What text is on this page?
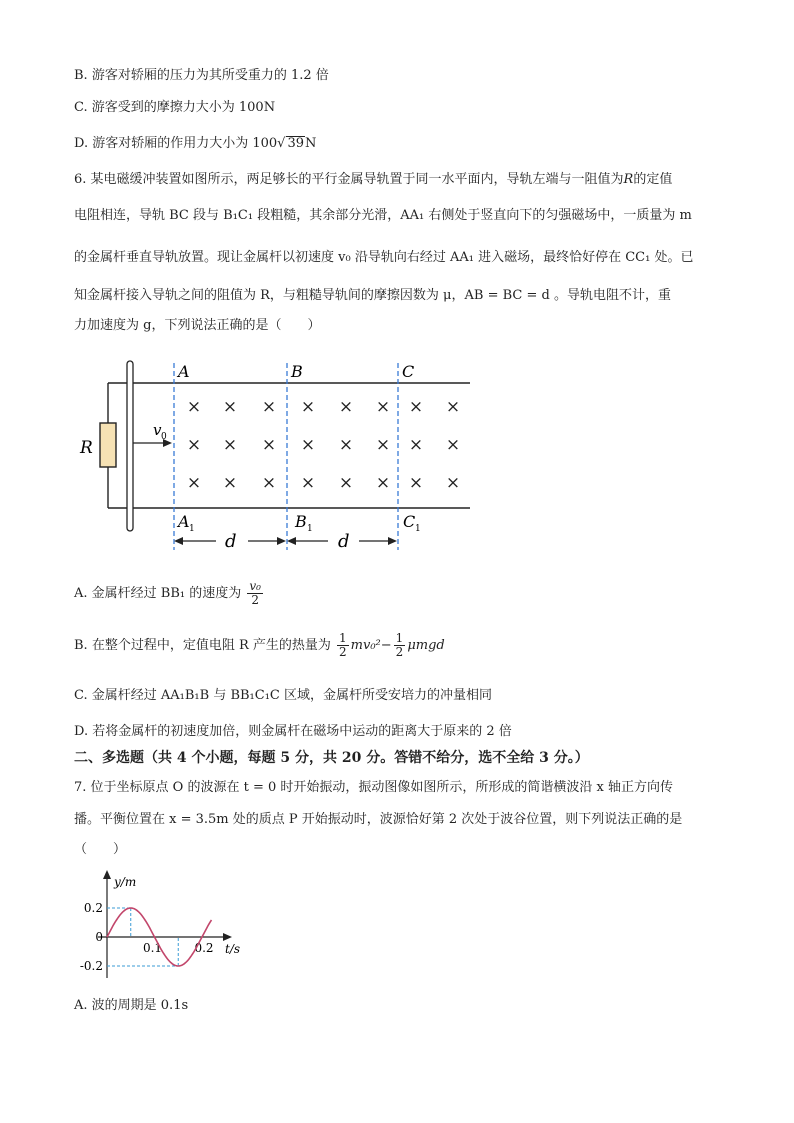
B. 游客对轿厢的压力为其所受重力的 1.2 倍
C. 游客受到的摩擦力大小为 100N
D. 游客对轿厢的作用力大小为 100√ 39N
6. 某电磁缓冲装置如图所示，两足够长的平行金属导轨置于同一水平面内，导轨左端与一阻值为R的定值
电阻相连，导轨 BC 段与 B₁C₁ 段粗糙，其余部分光滑，AA₁ 右侧处于竖直向下的匀强磁场中，一质量为 m
的金属杆垂直导轨放置。现让金属杆以初速度 v₀ 沿导轨向右经过 AA₁ 进入磁场，最终恰好停在 CC₁ 处。已
知金属杆接入导轨之间的阻值为 R，与粗糙导轨间的摩擦因数为 μ，AB = BC = d 。导轨电阻不计，重
力加速度为 g，下列说法正确的是（　　）
R
v 0
A	B	C
A 1	B 1	C 1
× × × × × × × ×
× × × × × × × ×
× × × × × × × ×
d	d
A. 金属杆经过 BB₁ 的速度为 $\frac{\text{v₀}}{2}$
B. 在整个过程中，定值电阻 R 产生的热量为 $\frac{1}{2} mv_0^2- \frac{1}{2}$ μmgd
C. 金属杆经过 AA₁B₁B 与 BB₁C₁C 区域，金属杆所受安培力的冲量相同
D. 若将金属杆的初速度加倍，则金属杆在磁场中运动的距离大于原来的 2 倍
二、多选题（共 4 个小题，每题 5 分，共 20 分。答错不给分，选不全给 3 分。）
7. 位于坐标原点 O 的波源在 t = 0 时开始振动，振动图像如图所示，所形成的简谐横波沿 x 轴正方向传
播。平衡位置在 x = 3.5m 处的质点 P 开始振动时，波源恰好第 2 次处于波谷位置，则下列说法正确的是
（　　）
y/m
t/s
0.2
0
-0.2
0.1	0.2
A. 波的周期是 0.1s
